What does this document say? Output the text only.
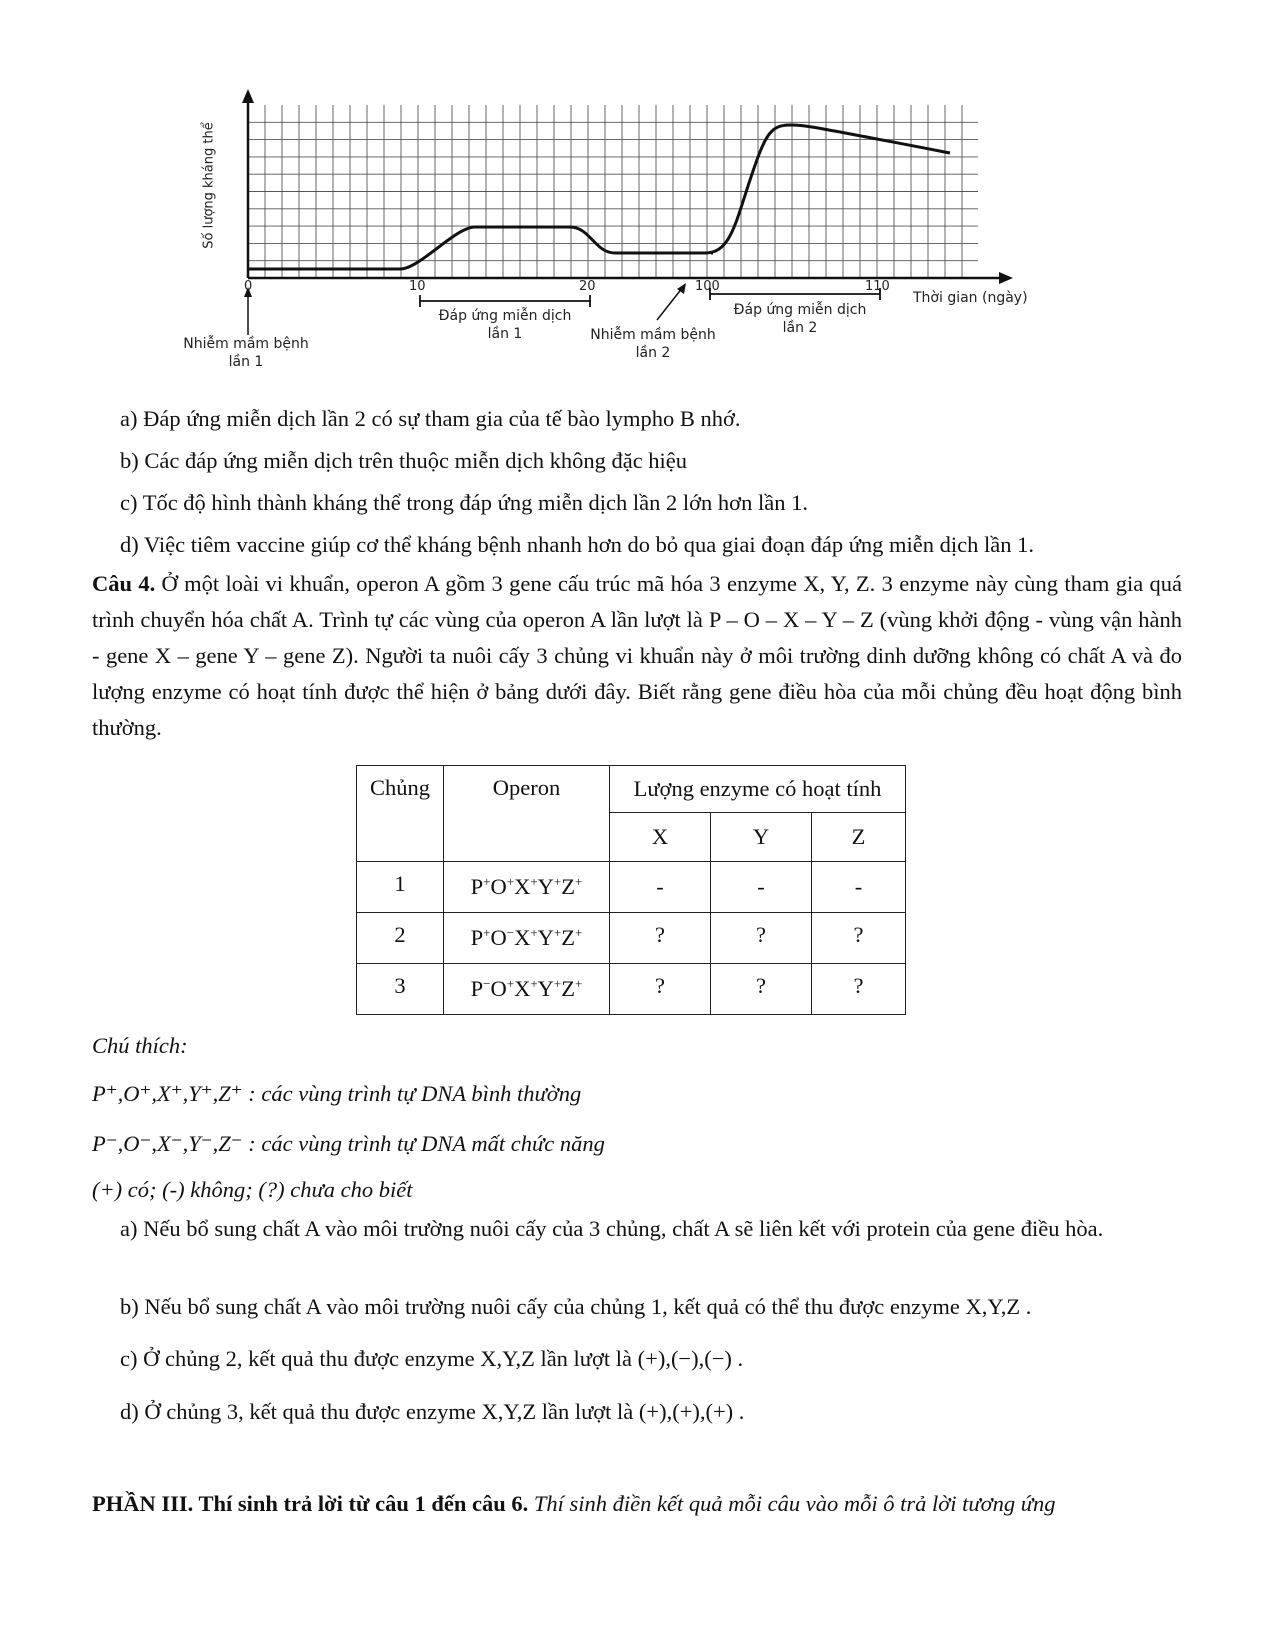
Số lượng kháng thể
0	10	20	100	110
Thời gian (ngày)
Đáp ứng miễn dịch
lần 1
Đáp ứng miễn dịch
lần 2
Nhiễm mầm bệnh
lần 1
Nhiễm mầm bệnh
lần 2
a) Đáp ứng miễn dịch lần 2 có sự tham gia của tế bào lympho B nhớ.
b) Các đáp ứng miễn dịch trên thuộc miễn dịch không đặc hiệu
c) Tốc độ hình thành kháng thể trong đáp ứng miễn dịch lần 2 lớn hơn lần 1.
d) Việc tiêm vaccine giúp cơ thể kháng bệnh nhanh hơn do bỏ qua giai đoạn đáp ứng miễn dịch lần 1.
Câu 4. Ở một loài vi khuẩn, operon A gồm 3 gene cấu trúc mã hóa 3 enzyme X, Y, Z. 3 enzyme này cùng tham gia quá trình chuyển hóa chất A. Trình tự các vùng của operon A lần lượt là P – O – X – Y – Z (vùng khởi động - vùng vận hành - gene X – gene Y – gene Z). Người ta nuôi cấy 3 chủng vi khuẩn này ở môi trường dinh dưỡng không có chất A và đo lượng enzyme có hoạt tính được thể hiện ở bảng dưới đây. Biết rằng gene điều hòa của mỗi chủng đều hoạt động bình thường.
Chủng	Operon	Lượng enzyme có hoạt tính		
		X	Y	Z
1	P+O+X+Y+Z+	-	-	-
2	P+O−X+Y+Z+	?	?	?
3	P−O+X+Y+Z+	?	?	?
Chú thích:
P⁺,O⁺,X⁺,Y⁺,Z⁺ : các vùng trình tự DNA bình thường
P⁻,O⁻,X⁻,Y⁻,Z⁻ : các vùng trình tự DNA mất chức năng
(+) có; (-) không; (?) chưa cho biết
a) Nếu bổ sung chất A vào môi trường nuôi cấy của 3 chủng, chất A sẽ liên kết với protein của gene điều hòa.
b) Nếu bổ sung chất A vào môi trường nuôi cấy của chủng 1, kết quả có thể thu được enzyme X,Y,Z .
c) Ở chủng 2, kết quả thu được enzyme X,Y,Z lần lượt là (+),(−),(−) .
d) Ở chủng 3, kết quả thu được enzyme X,Y,Z lần lượt là (+),(+),(+) .
PHẦN III. Thí sinh trả lời từ câu 1 đến câu 6. Thí sinh điền kết quả mỗi câu vào mỗi ô trả lời tương ứng
